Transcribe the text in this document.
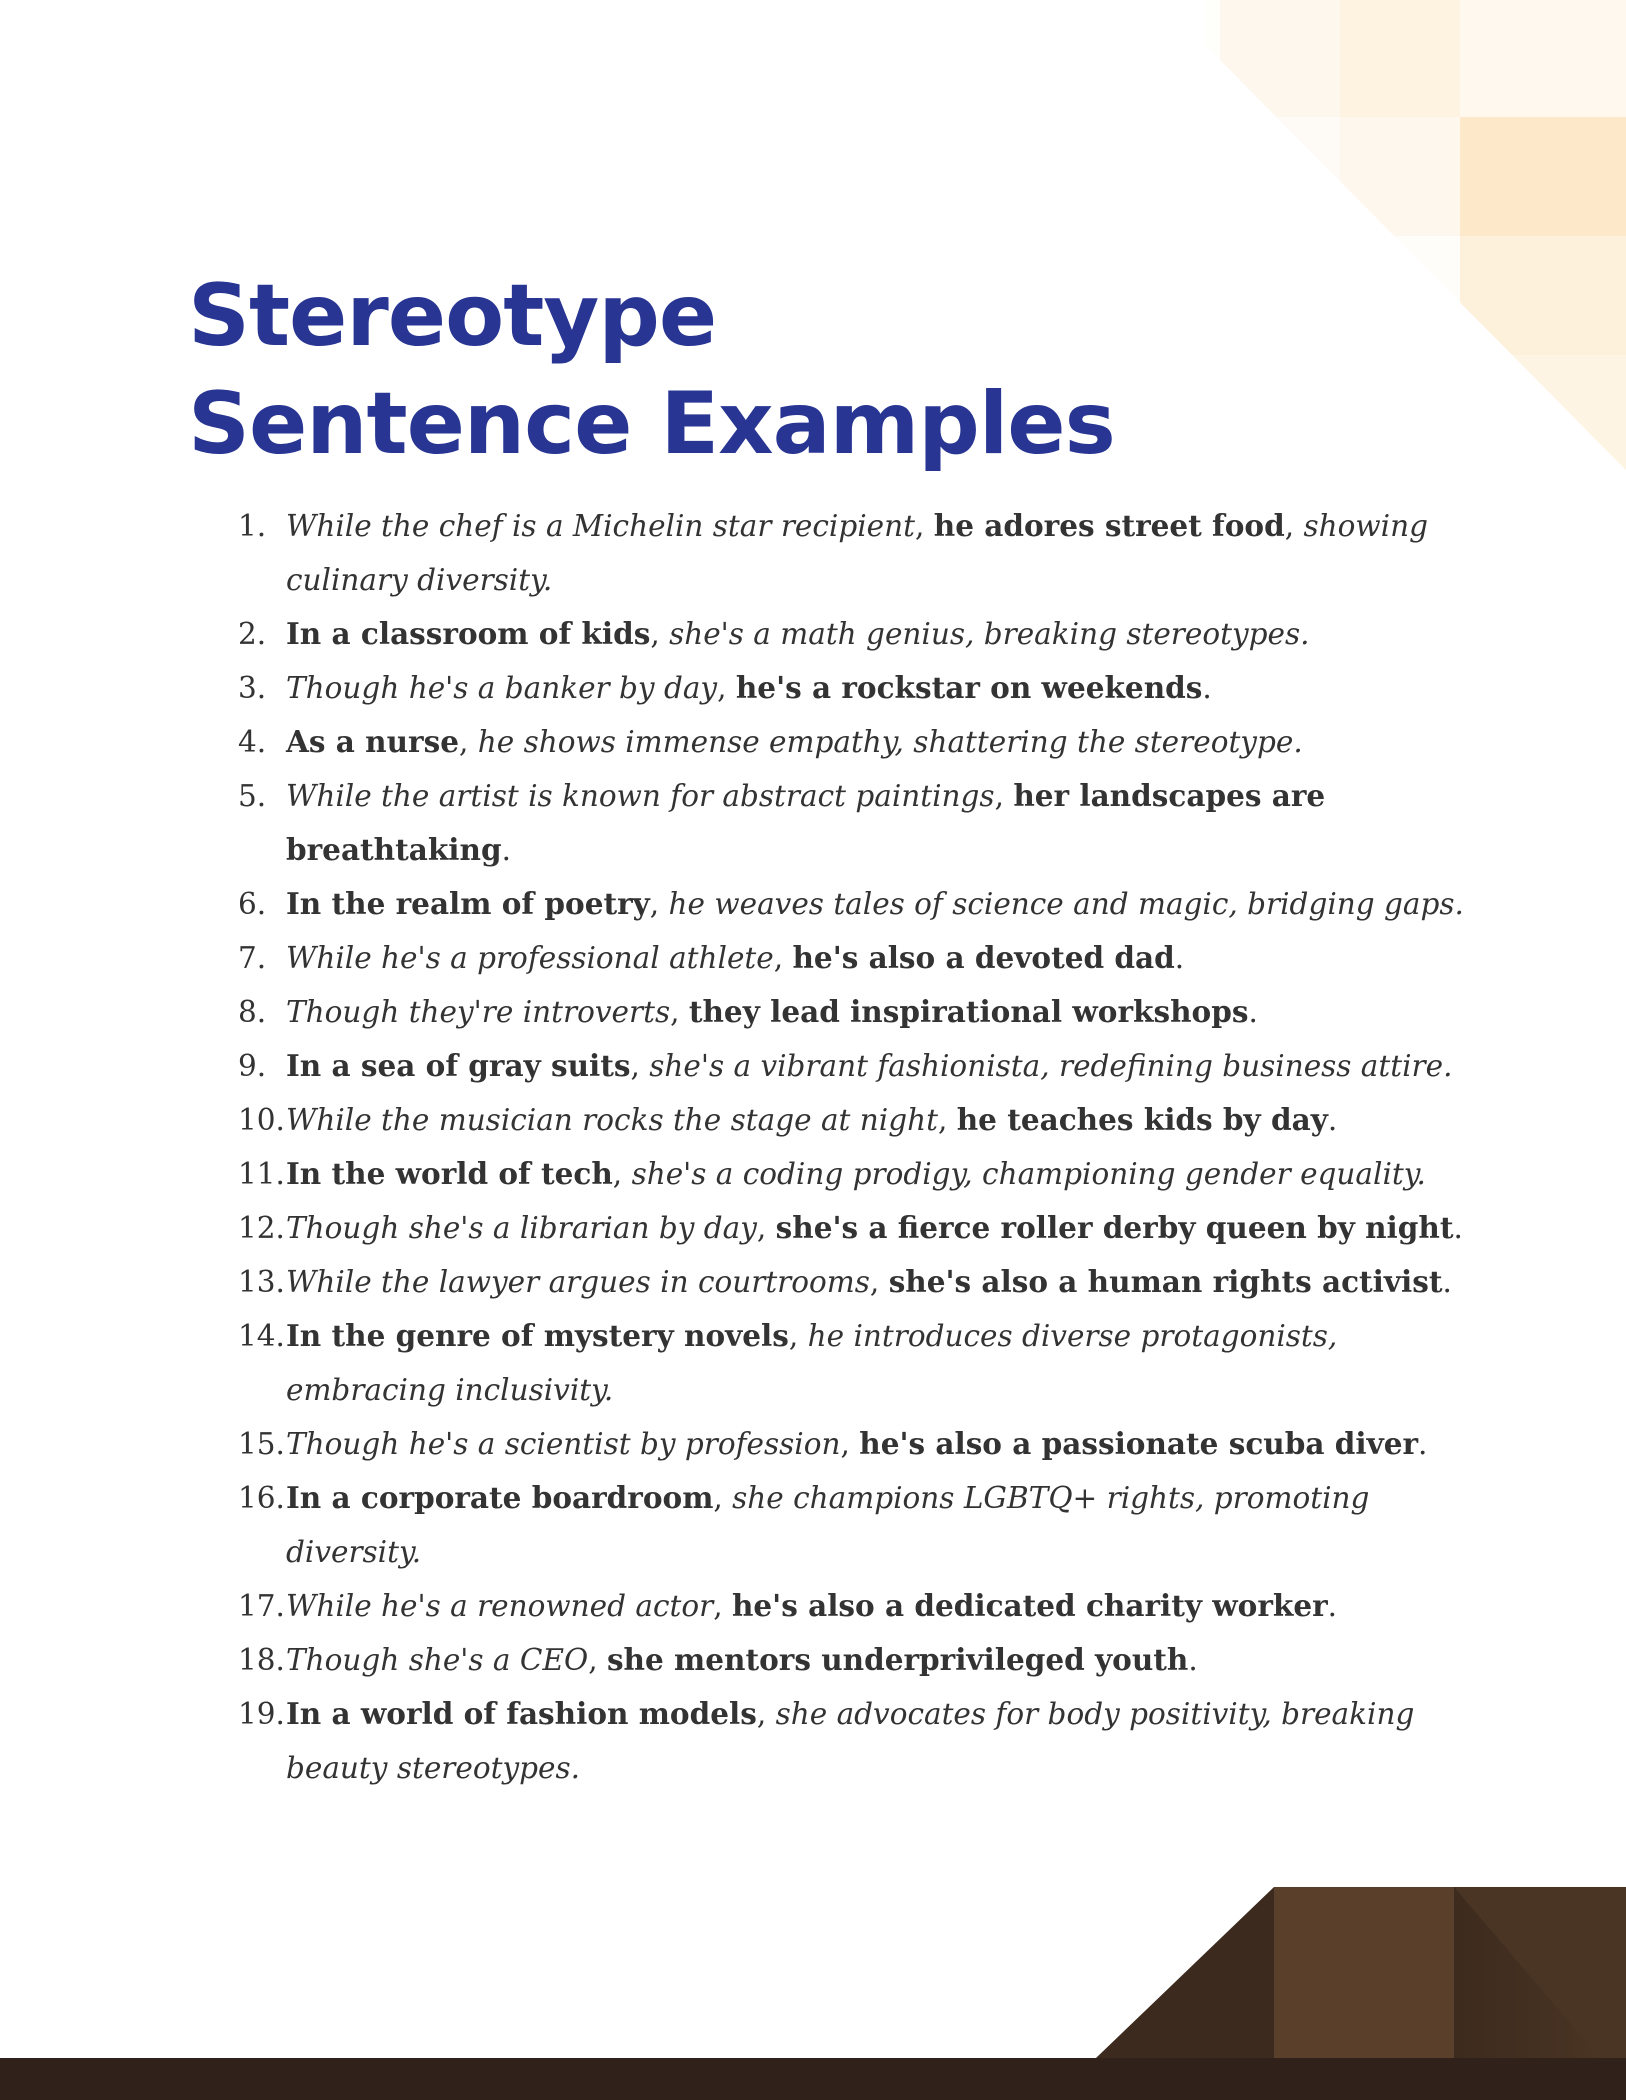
Stereotype
Sentence Examples
1. While the chef is a Michelin star recipient, he adores street food, showing culinary diversity.
2. In a classroom of kids, she's a math genius, breaking stereotypes.
3. Though he's a banker by day, he's a rockstar on weekends.
4. As a nurse, he shows immense empathy, shattering the stereotype.
5. While the artist is known for abstract paintings, her landscapes are breathtaking.
6. In the realm of poetry, he weaves tales of science and magic, bridging gaps.
7. While he's a professional athlete, he's also a devoted dad.
8. Though they're introverts, they lead inspirational workshops.
9. In a sea of gray suits, she's a vibrant fashionista, redefining business attire.
10. While the musician rocks the stage at night, he teaches kids by day.
11. In the world of tech, she's a coding prodigy, championing gender equality.
12. Though she's a librarian by day, she's a fierce roller derby queen by night.
13. While the lawyer argues in courtrooms, she's also a human rights activist.
14. In the genre of mystery novels, he introduces diverse protagonists, embracing inclusivity.
15. Though he's a scientist by profession, he's also a passionate scuba diver.
16. In a corporate boardroom, she champions LGBTQ+ rights, promoting diversity.
17. While he's a renowned actor, he's also a dedicated charity worker.
18. Though she's a CEO, she mentors underprivileged youth.
19. In a world of fashion models, she advocates for body positivity, breaking beauty stereotypes.
